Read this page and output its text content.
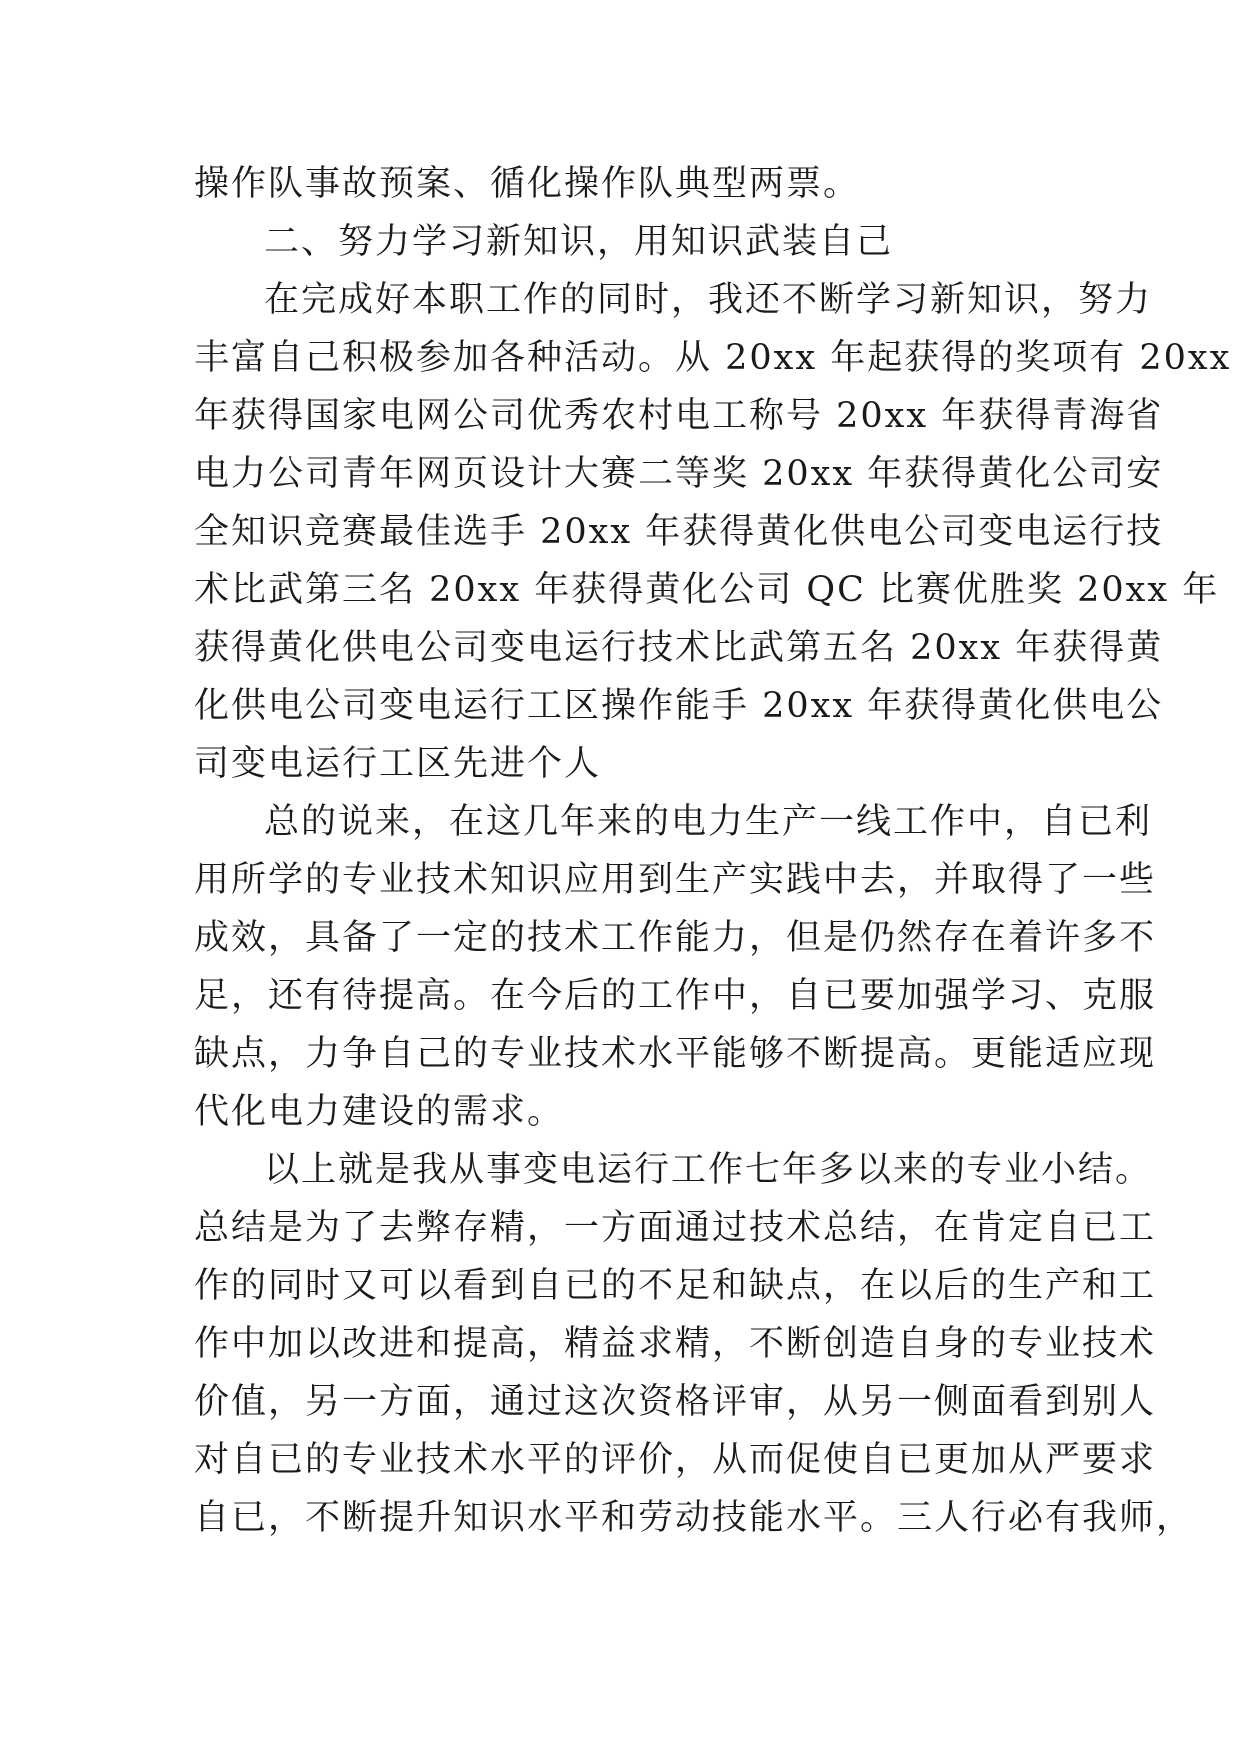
操作队事故预案、循化操作队典型两票。
二、努力学习新知识，用知识武装自己
在完成好本职工作的同时，我还不断学习新知识，努力
丰富自己积极参加各种活动。从 20xx 年起获得的奖项有 20xx
年获得国家电网公司优秀农村电工称号 20xx 年获得青海省
电力公司青年网页设计大赛二等奖 20xx 年获得黄化公司安
全知识竞赛最佳选手 20xx 年获得黄化供电公司变电运行技
术比武第三名 20xx 年获得黄化公司 QC 比赛优胜奖 20xx 年
获得黄化供电公司变电运行技术比武第五名 20xx 年获得黄
化供电公司变电运行工区操作能手 20xx 年获得黄化供电公
司变电运行工区先进个人
总的说来，在这几年来的电力生产一线工作中，自已利
用所学的专业技术知识应用到生产实践中去，并取得了一些
成效，具备了一定的技术工作能力，但是仍然存在着许多不
足，还有待提高。在今后的工作中，自已要加强学习、克服
缺点，力争自己的专业技术水平能够不断提高。更能适应现
代化电力建设的需求。
以上就是我从事变电运行工作七年多以来的专业小结。
总结是为了去弊存精，一方面通过技术总结，在肯定自已工
作的同时又可以看到自已的不足和缺点，在以后的生产和工
作中加以改进和提高，精益求精，不断创造自身的专业技术
价值，另一方面，通过这次资格评审，从另一侧面看到别人
对自已的专业技术水平的评价，从而促使自已更加从严要求
自已，不断提升知识水平和劳动技能水平。三人行必有我师，
